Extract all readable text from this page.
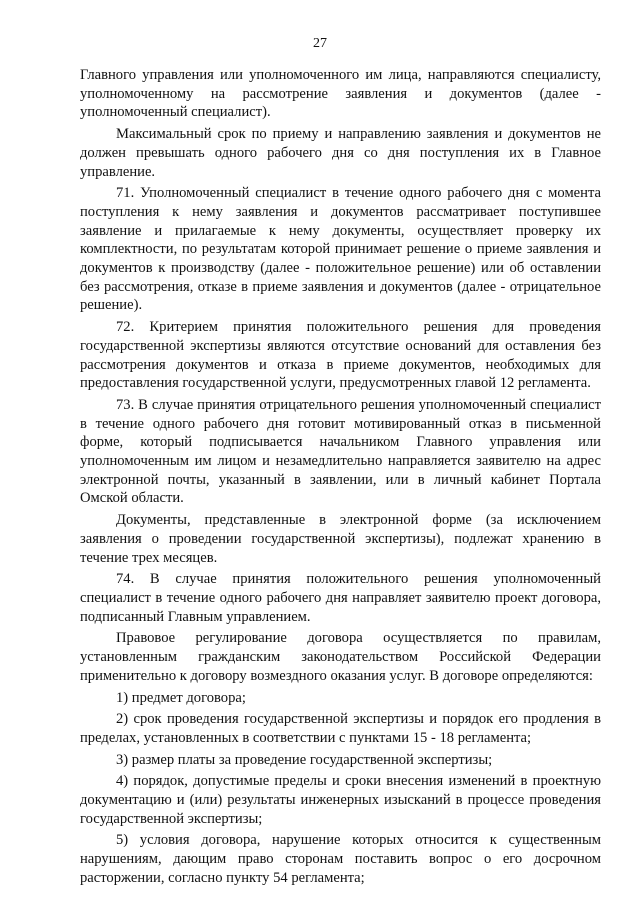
27

Главного управления или уполномоченного им лица, направляются специалисту, уполномоченному на рассмотрение заявления и документов (далее - уполномоченный специалист).

Максимальный срок по приему и направлению заявления и документов не должен превышать одного рабочего дня со дня поступления их в Главное управление.

71. Уполномоченный специалист в течение одного рабочего дня с момента поступления к нему заявления и документов рассматривает поступившее заявление и прилагаемые к нему документы, осуществляет проверку их комплектности, по результатам которой принимает решение о приеме заявления и документов к производству (далее - положительное решение) или об оставлении без рассмотрения, отказе в приеме заявления и документов (далее - отрицательное решение).

72. Критерием принятия положительного решения для проведения государственной экспертизы являются отсутствие оснований для оставления без рассмотрения документов и отказа в приеме документов, необходимых для предоставления государственной услуги, предусмотренных главой 12 регламента.

73. В случае принятия отрицательного решения уполномоченный специалист в течение одного рабочего дня готовит мотивированный отказ в письменной форме, который подписывается начальником Главного управления или уполномоченным им лицом и незамедлительно направляется заявителю на адрес электронной почты, указанный в заявлении, или в личный кабинет Портала Омской области.

Документы, представленные в электронной форме (за исключением заявления о проведении государственной экспертизы), подлежат хранению в течение трех месяцев.

74. В случае принятия положительного решения уполномоченный специалист в течение одного рабочего дня направляет заявителю проект договора, подписанный Главным управлением.

Правовое регулирование договора осуществляется по правилам, установленным гражданским законодательством Российской Федерации применительно к договору возмездного оказания услуг. В договоре определяются:

1) предмет договора;

2) срок проведения государственной экспертизы и порядок его продления в пределах, установленных в соответствии с пунктами 15 - 18 регламента;

3) размер платы за проведение государственной экспертизы;

4) порядок, допустимые пределы и сроки внесения изменений в проектную документацию и (или) результаты инженерных изысканий в процессе проведения государственной экспертизы;

5) условия договора, нарушение которых относится к существенным нарушениям, дающим право сторонам поставить вопрос о его досрочном расторжении, согласно пункту 54 регламента;
